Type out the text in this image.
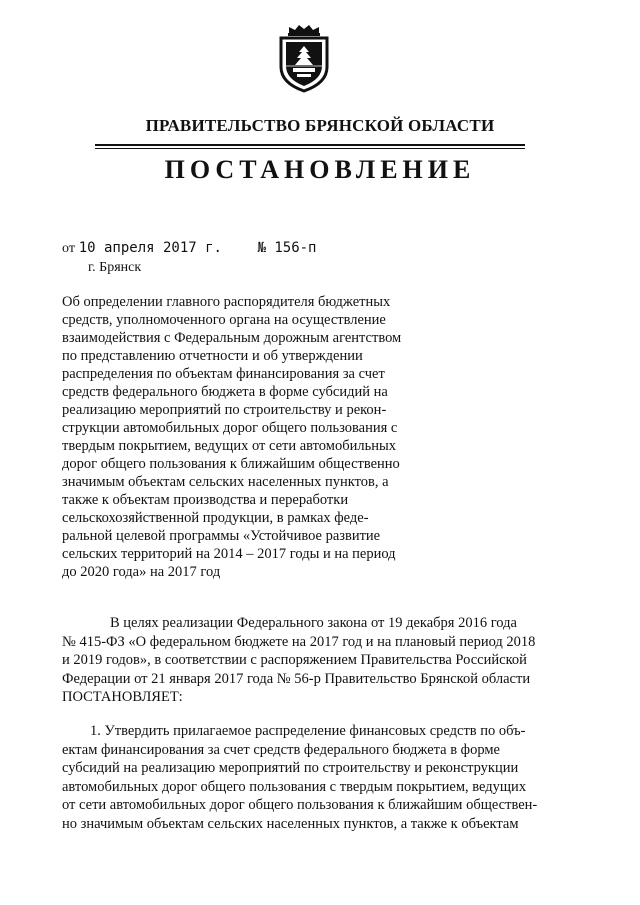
ПРАВИТЕЛЬСТВО БРЯНСКОЙ ОБЛАСТИ
ПОСТАНОВЛЕНИЕ
от 10 апреля 2017 г.	№ 156-п
г. Брянск
Об определении главного распорядителя бюджетных
средств, уполномоченного органа на осуществление
взаимодействия с Федеральным дорожным агентством
по представлению отчетности и об утверждении
распределения по объектам финансирования за счет
средств федерального бюджета в форме субсидий на
реализацию мероприятий по строительству и рекон-
струкции автомобильных дорог общего пользования с
твердым покрытием, ведущих от сети автомобильных
дорог общего пользования к ближайшим общественно
значимым объектам сельских населенных пунктов, а
также к объектам производства и переработки
сельскохозяйственной продукции, в рамках феде-
ральной целевой программы «Устойчивое развитие
сельских территорий на 2014 – 2017 годы и на период
до 2020 года» на 2017 год
В целях реализации Федерального закона от 19 декабря 2016 года
№ 415-ФЗ «О федеральном бюджете на 2017 год и на плановый период 2018
и 2019 годов», в соответствии с распоряжением Правительства Российской
Федерации от 21 января 2017 года № 56-р Правительство Брянской области
ПОСТАНОВЛЯЕТ:
1. Утвердить прилагаемое распределение финансовых средств по объ-
ектам финансирования за счет средств федерального бюджета в форме
субсидий на реализацию мероприятий по строительству и реконструкции
автомобильных дорог общего пользования с твердым покрытием, ведущих
от сети автомобильных дорог общего пользования к ближайшим обществен-
но значимым объектам сельских населенных пунктов, а также к объектам
